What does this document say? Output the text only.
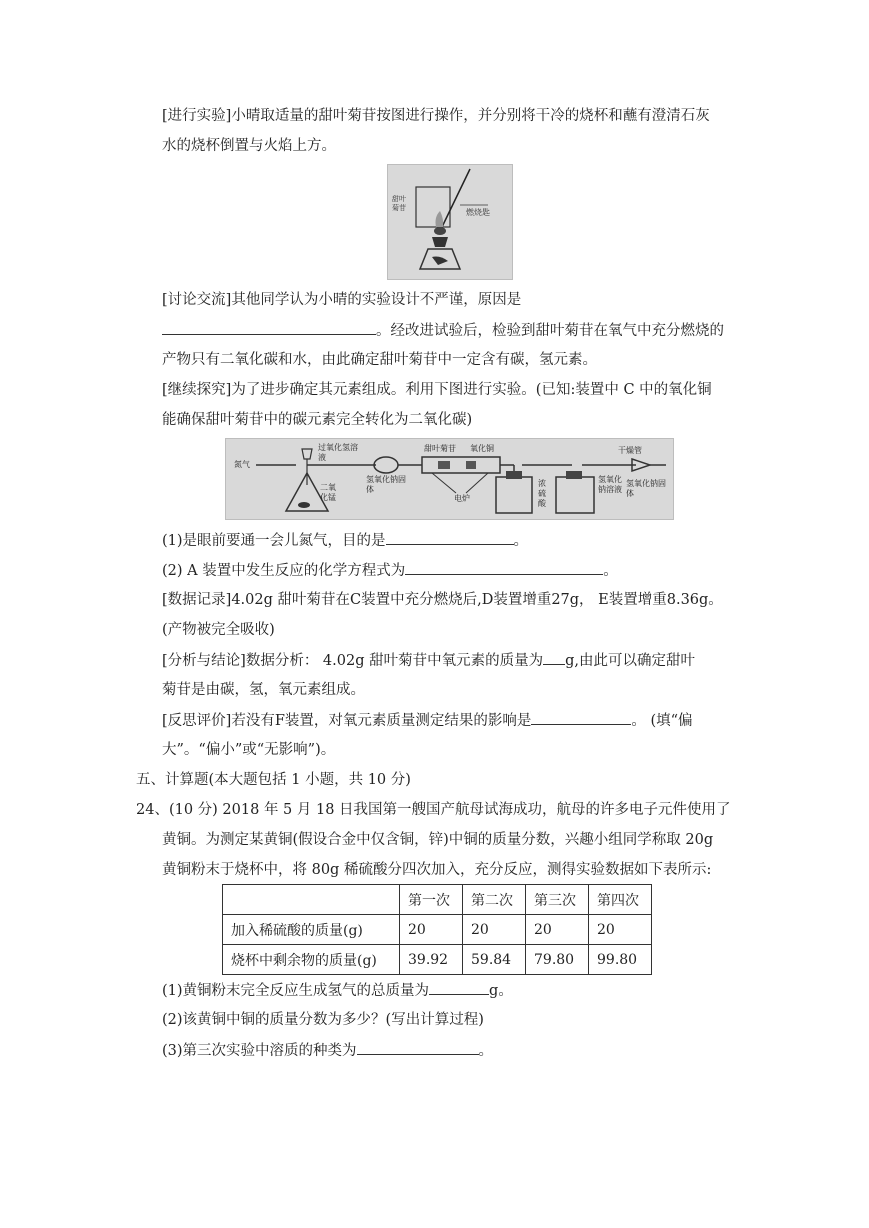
[进行实验]小晴取适量的甜叶菊苷按图进行操作，并分别将干冷的烧杯和蘸有澄清石灰
水的烧杯倒置与火焰上方。
甜叶菊苷	燃烧匙
[讨论交流]其他同学认为小晴的实验设计不严谨，原因是
。经改进试验后，检验到甜叶菊苷在氧气中充分燃烧的
产物只有二氧化碳和水，由此确定甜叶菊苷中一定含有碳，氢元素。
[继续探究]为了进步确定其元素组成。利用下图进行实验。(已知:装置中 C 中的氧化铜
能确保甜叶菊苷中的碳元素完全转化为二氧化碳)
氮气
过氧化氢溶液
二氧化锰
氢氧化钠固体
甜叶菊苷 氧化铜
电炉
浓硫酸
氢氧化钠溶液
干燥管
氢氧化钠固体
(1)是眼前要通一会儿氮气，目的是	。
(2) A 装置中发生反应的化学方程式为	。
[数据记录]4.02g 甜叶菊苷在C装置中充分燃烧后,D装置增重27g， E装置增重8.36g。
(产物被完全吸收)
[分析与结论]数据分析： 4.02g 甜叶菊苷中氧元素的质量为 g,由此可以确定甜叶
菊苷是由碳，氢，氧元素组成。
[反思评价]若没有F装置，对氧元素质量测定结果的影响是	。 (填“偏
大”。“偏小”或“无影响”)。
五、计算题(本大题包括 1 小题，共 10 分)
24、(10 分) 2018 年 5 月 18 日我国第一艘国产航母试海成功，航母的许多电子元件使用了
黄铜。为测定某黄铜(假设合金中仅含铜，锌)中铜的质量分数，兴趣小组同学称取 20g
黄铜粉末于烧杯中，将 80g 稀硫酸分四次加入，充分反应，测得实验数据如下表所示:
	第一次	第二次	第三次	第四次
加入稀硫酸的质量(g)	20	20	20	20
烧杯中剩余物的质量(g)	39.92	59.84	79.80	99.80
(1)黄铜粉末完全反应生成氢气的总质量为	g。
(2)该黄铜中铜的质量分数为多少？(写出计算过程)
(3)第三次实验中溶质的种类为	。
